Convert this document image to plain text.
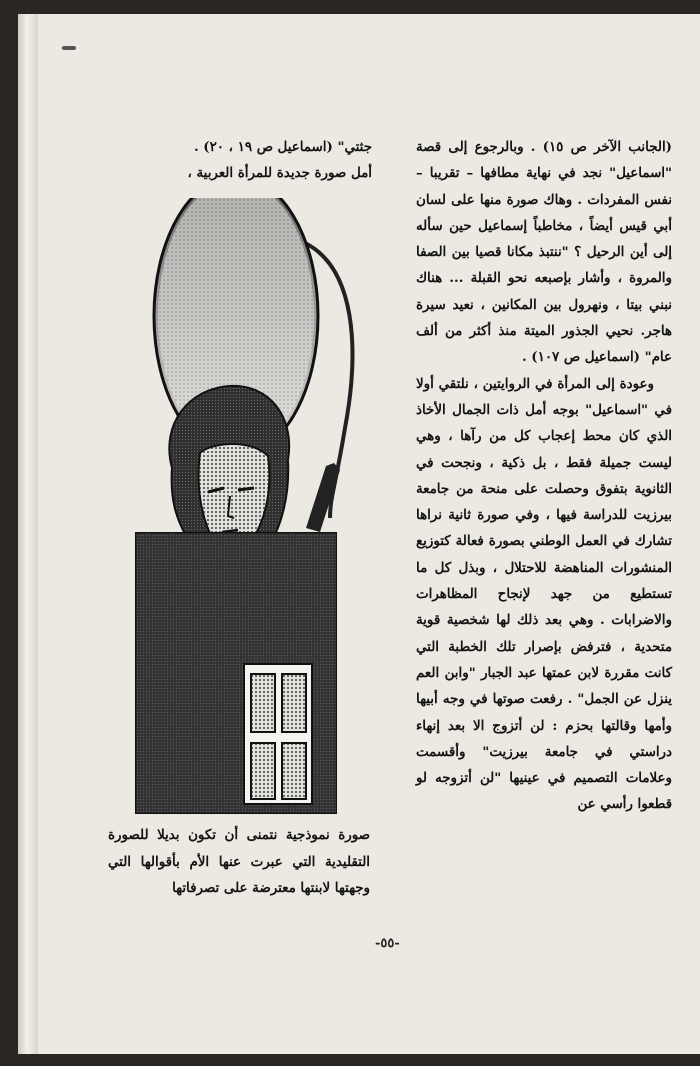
(الجانب الآخر ص ١٥) . وبالرجوع إلى قصة "اسماعيل" نجد في نهاية مطافها – تقريبا – نفس المفردات . وهاك صورة منها على لسان أبي قيس أيضاً ، مخاطباً إسماعيل حين سأله إلى أين الرحيل ؟ "ننتبذ مكانا قصيا بين الصفا والمروة ، وأشار بإصبعه نحو القبلة ... هناك نبني بيتا ، ونهرول بين المكانين ، نعيد سيرة هاجر. نحيي الجذور الميتة منذ أكثر من ألف عام" (اسماعيل ص ١٠٧) .

وعودة إلى المرأة في الروايتين ، نلتقي أولا في "اسماعيل" بوجه أمل ذات الجمال الأخاذ الذي كان محط إعجاب كل من رآها ، وهي ليست جميلة فقط ، بل ذكية ، ونجحت في الثانوية بتفوق وحصلت على منحة من جامعة بيرزيت للدراسة فيها ، وفي صورة ثانية نراها تشارك في العمل الوطني بصورة فعالة كتوزيع المنشورات المناهضة للاحتلال ، وبذل كل ما تستطيع من جهد لإنجاح المظاهرات والاضرابات . وهي بعد ذلك لها شخصية قوية متحدية ، فترفض بإصرار تلك الخطبة التي كانت مقررة لابن عمتها عبد الجبار "وابن العم ينزل عن الجمل" . رفعت صوتها في وجه أبيها وأمها وقالتها بحزم : لن أتزوج الا بعد إنهاء دراستي في جامعة بيرزيت" وأقسمت وعلامات التصميم في عينيها "لن أتزوجه لو قطعوا رأسي عن

جثتي" (اسماعيل ص ١٩ ، ٢٠) .

أمل صورة جديدة للمرأة العربية ،

صورة نموذجية نتمنى أن تكون بديلا للصورة التقليدية التي عبرت عنها الأم بأقوالها التي وجهتها لابنتها معترضة على تصرفاتها
-٥٥-
